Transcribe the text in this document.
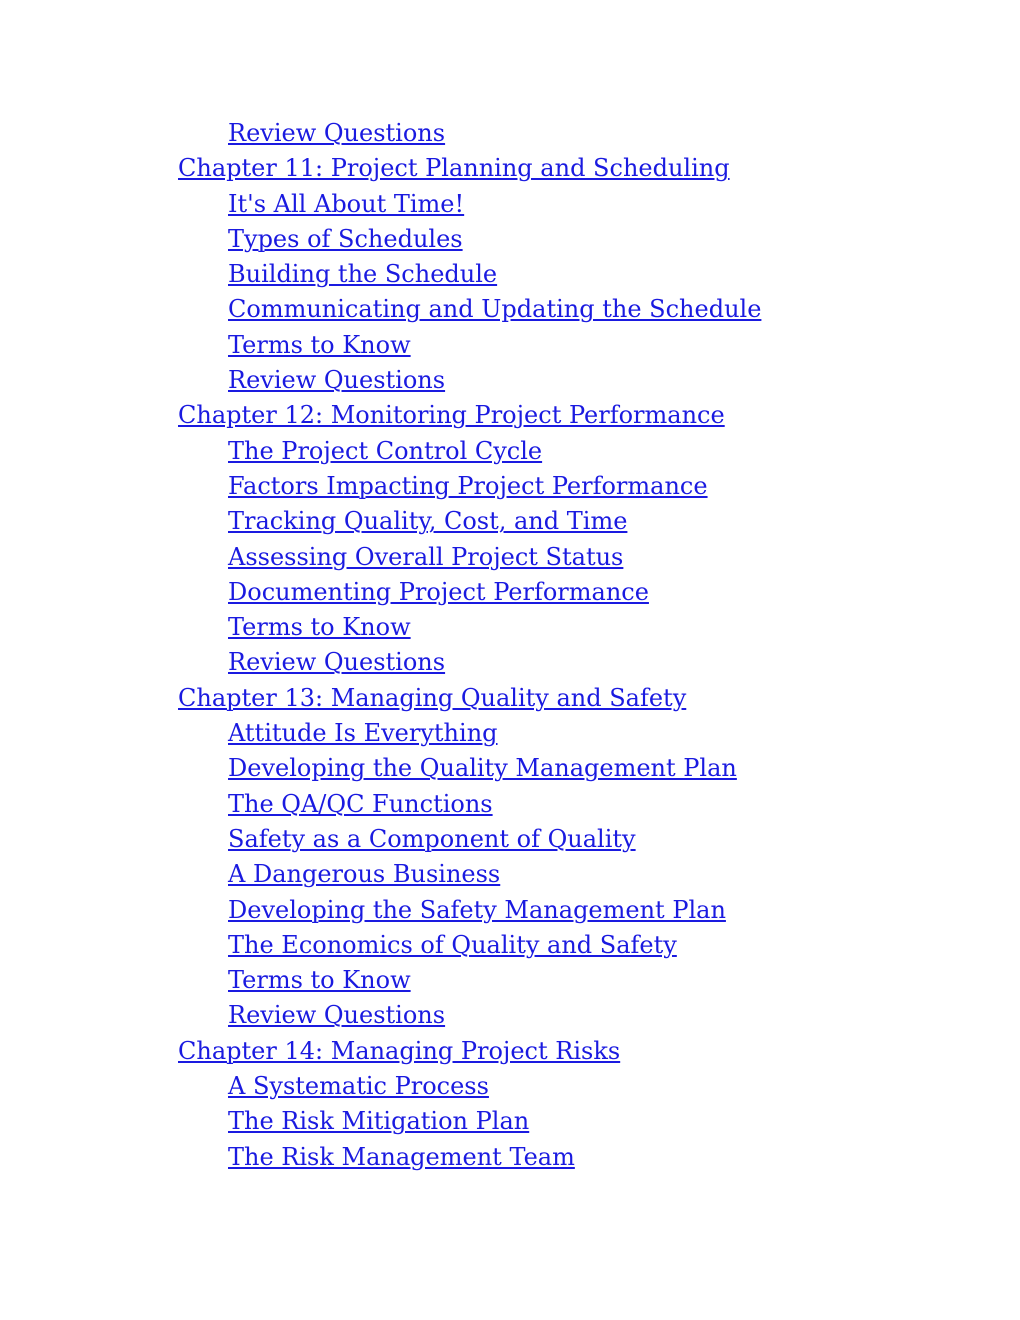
Review Questions
Chapter 11: Project Planning and Scheduling
It's All About Time!
Types of Schedules
Building the Schedule
Communicating and Updating the Schedule
Terms to Know
Review Questions
Chapter 12: Monitoring Project Performance
The Project Control Cycle
Factors Impacting Project Performance
Tracking Quality, Cost, and Time
Assessing Overall Project Status
Documenting Project Performance
Terms to Know
Review Questions
Chapter 13: Managing Quality and Safety
Attitude Is Everything
Developing the Quality Management Plan
The QA/QC Functions
Safety as a Component of Quality
A Dangerous Business
Developing the Safety Management Plan
The Economics of Quality and Safety
Terms to Know
Review Questions
Chapter 14: Managing Project Risks
A Systematic Process
The Risk Mitigation Plan
The Risk Management Team
